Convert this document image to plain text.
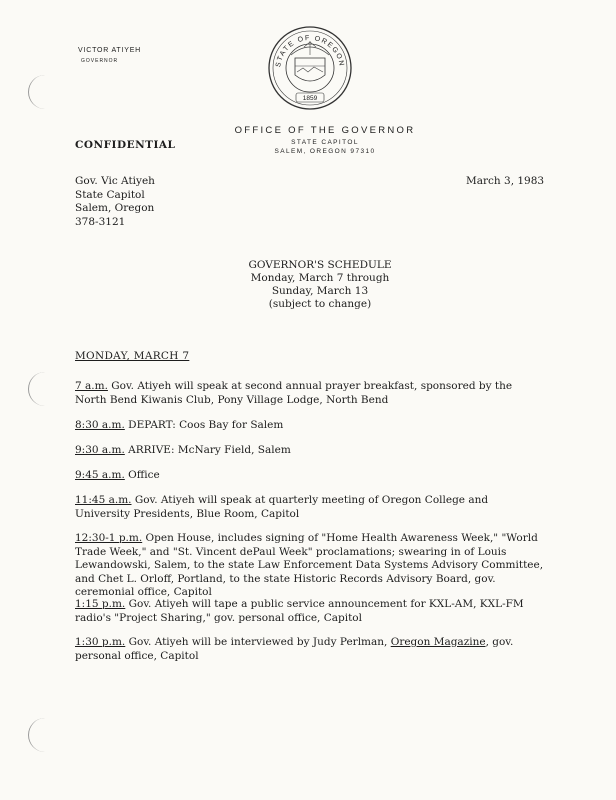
VICTOR ATIYEH
GOVERNOR	STATE OF OREGON
1859
OFFICE OF THE GOVERNOR
STATE CAPITOL
SALEM, OREGON 97310
CONFIDENTIAL
Gov. Vic Atiyeh
State Capitol
Salem, Oregon
378-3121
March 3, 1983
GOVERNOR'S SCHEDULE
Monday, March 7 through
Sunday, March 13
(subject to change)
MONDAY, MARCH 7
7 a.m. Gov. Atiyeh will speak at second annual prayer breakfast, sponsored by the North Bend Kiwanis Club, Pony Village Lodge, North Bend
8:30 a.m. DEPART: Coos Bay for Salem
9:30 a.m. ARRIVE: McNary Field, Salem
9:45 a.m. Office
11:45 a.m. Gov. Atiyeh will speak at quarterly meeting of Oregon College and University Presidents, Blue Room, Capitol
12:30-1 p.m. Open House, includes signing of "Home Health Awareness Week," "World Trade Week," and "St. Vincent dePaul Week" proclamations; swearing in of Louis Lewandowski, Salem, to the state Law Enforcement Data Systems Advisory Committee, and Chet L. Orloff, Portland, to the state Historic Records Advisory Board, gov. ceremonial office, Capitol
1:15 p.m. Gov. Atiyeh will tape a public service announcement for KXL-AM, KXL-FM radio's "Project Sharing," gov. personal office, Capitol
1:30 p.m. Gov. Atiyeh will be interviewed by Judy Perlman, Oregon Magazine, gov. personal office, Capitol
